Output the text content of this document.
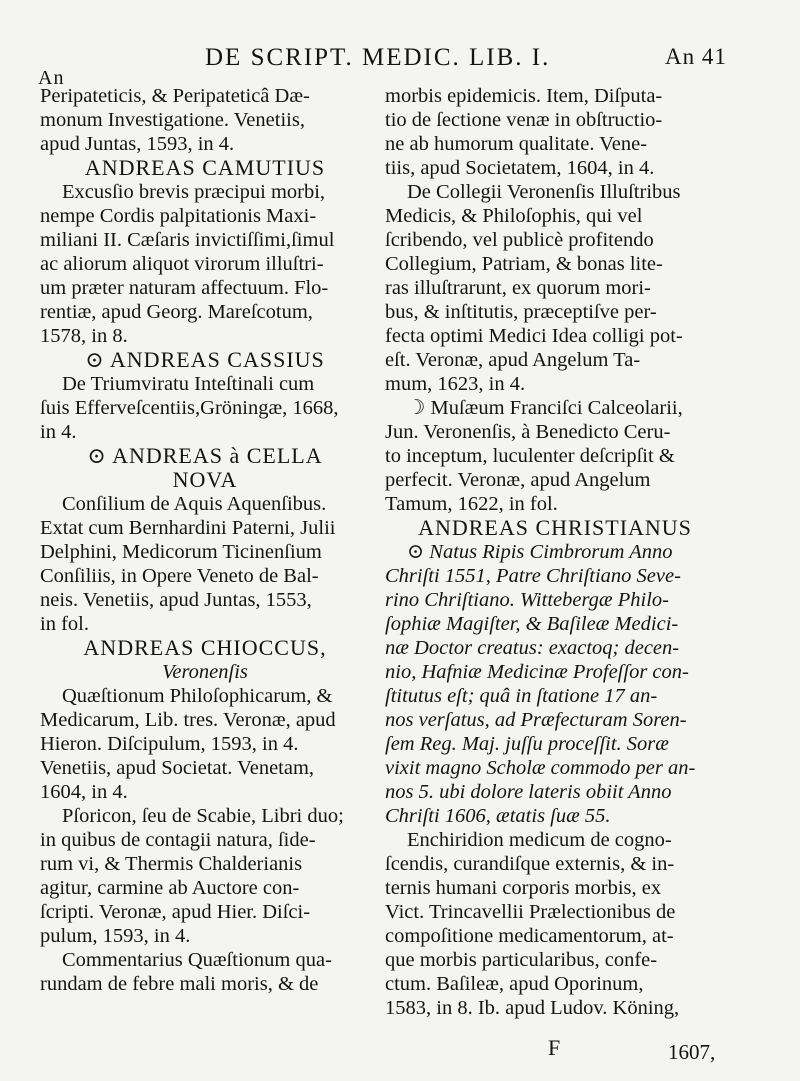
An
DE SCRIPT. MEDIC. LIB. I.	An 41
Peripateticis, & Peripateticâ Dæ-
monum Investigatione. Venetiis,
apud Juntas, 1593, in 4.
ANDREAS CAMUTIUS
Excusſio brevis præcipui morbi,
nempe Cordis palpitationis Maxi-
miliani II. Cæſaris invictiſſimi,ſimul
ac aliorum aliquot virorum illuſtri-
um præter naturam affectuum. Flo-
rentiæ, apud Georg. Mareſcotum,
1578, in 8.
⊙ ANDREAS CASSIUS
De Triumviratu Inteſtinali cum
ſuis Efferveſcentiis,Gröningæ, 1668,
in 4.
⊙ ANDREAS à CELLA
NOVA
Conſilium de Aquis Aquenſibus.
Extat cum Bernhardini Paterni, Julii
Delphini, Medicorum Ticinenſium
Conſiliis, in Opere Veneto de Bal-
neis. Venetiis, apud Juntas, 1553,
in fol.
ANDREAS CHIOCCUS,
Veronenſis
Quæſtionum Philoſophicarum, &
Medicarum, Lib. tres. Veronæ, apud
Hieron. Diſcipulum, 1593, in 4.
Venetiis, apud Societat. Venetam,
1604, in 4.
Pſoricon, ſeu de Scabie, Libri duo;
in quibus de contagii natura, ſide-
rum vi, & Thermis Chalderianis
agitur, carmine ab Auctore con-
ſcripti. Veronæ, apud Hier. Diſci-
pulum, 1593, in 4.
Commentarius Quæſtionum qua-
rundam de febre mali moris, & de
morbis epidemicis. Item, Diſputa-
tio de ſectione venæ in obſtructio-
ne ab humorum qualitate. Vene-
tiis, apud Societatem, 1604, in 4.
De Collegii Veronenſis Illuſtribus
Medicis, & Philoſophis, qui vel
ſcribendo, vel publicè profitendo
Collegium, Patriam, & bonas lite-
ras illuſtrarunt, ex quorum mori-
bus, & inſtitutis, præceptiſve per-
fecta optimi Medici Idea colligi pot-
eſt. Veronæ, apud Angelum Ta-
mum, 1623, in 4.
☽ Muſæum Franciſci Calceolarii,
Jun. Veronenſis, à Benedicto Ceru-
to inceptum, luculenter deſcripſit &
perfecit. Veronæ, apud Angelum
Tamum, 1622, in fol.
ANDREAS CHRISTIANUS
⊙ Natus Ripis Cimbrorum Anno
Chriſti 1551, Patre Chriſtiano Seve-
rino Chriſtiano. Wittebergæ Philo-
ſophiæ Magiſter, & Baſileæ Medici-
næ Doctor creatus: exactoq; decen-
nio, Hafniæ Medicinæ Profeſſor con-
ſtitutus eſt; quâ in ſtatione 17 an-
nos verſatus, ad Præfecturam Soren-
ſem Reg. Maj. juſſu proceſſit. Soræ
vixit magno Scholæ commodo per an-
nos 5. ubi dolore lateris obiit Anno
Chriſti 1606, ætatis ſuæ 55.
Enchiridion medicum de cogno-
ſcendis, curandiſque externis, & in-
ternis humani corporis morbis, ex
Vict. Trincavellii Prælectionibus de
compoſitione medicamentorum, at-
que morbis particularibus, confe-
ctum. Baſileæ, apud Oporinum,
1583, in 8. Ib. apud Ludov. Köning,
F	1607,
